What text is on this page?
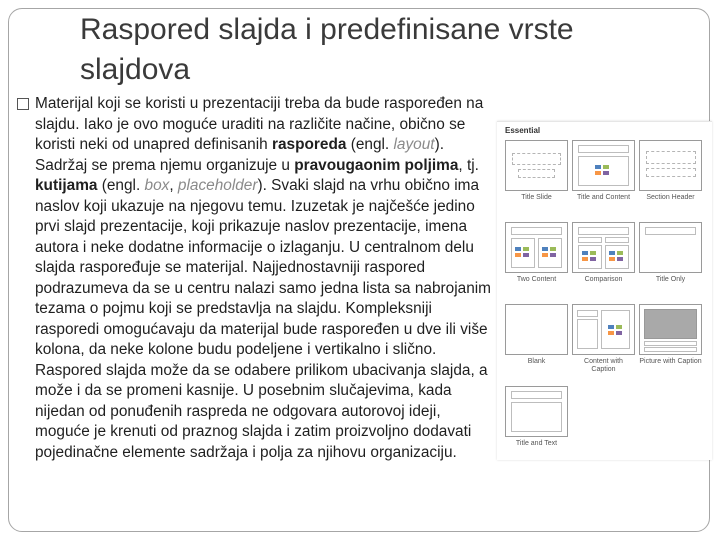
Raspored slajda i predefinisane vrste slajdova
Materijal koji se koristi u prezentaciji treba da bude raspoređen na slajdu. Iako je ovo moguće uraditi na različite načine, obično se koristi neki od unapred definisanih rasporeda (engl. layout). Sadržaj se prema njemu organizuje u pravougaonim poljima, tj. kutijama (engl. box, placeholder). Svaki slajd na vrhu obično ima naslov koji ukazuje na njegovu temu. Izuzetak je najčešće jedino prvi slajd prezentacije, koji prikazuje naslov prezentacije, imena autora i neke dodatne informacije o izlaganju. U centralnom delu slajda raspoređuje se materijal. Najjednostavniji raspored podrazumeva da se u centru nalazi samo jedna lista sa nabrojanim tezama o pojmu koji se predstavlja na slajdu. Kompleksniji rasporedi omogućavaju da materijal bude raspoređen u dve ili više kolona, da neke kolone budu podeljene i vertikalno i slično. Raspored slajda može da se odabere prilikom ubacivanja slajda, a može i da se promeni kasnije. U posebnim slučajevima, kada nijedan od ponuđenih raspreda ne odgovara autorovoj ideji, moguće je krenuti od praznog slajda i zatim proizvoljno dodavati pojedinačne elemente sadržaja i polja za njihovu organizaciju.
Essential
Title Slide	Title and Content	Section Header
Two Content	Comparison	Title Only
Blank	Content with Caption
Picture with Caption
Title and Text
